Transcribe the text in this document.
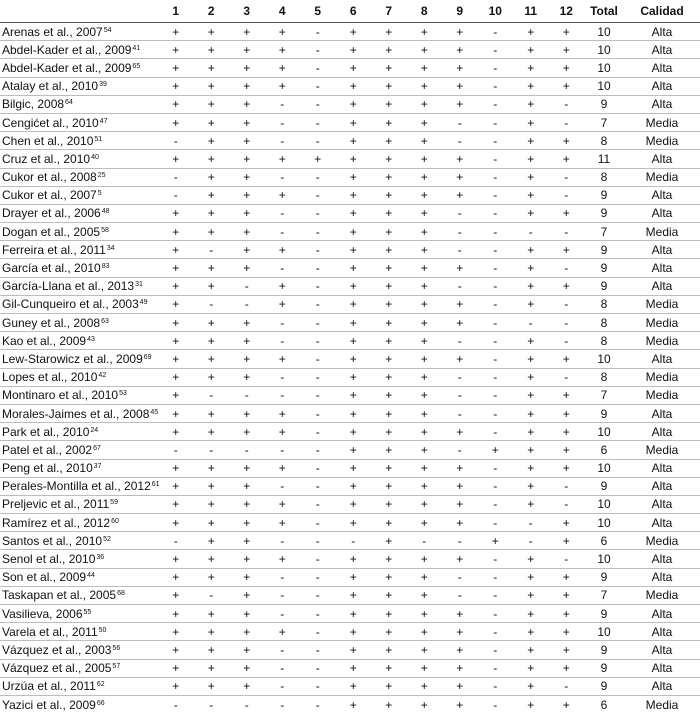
	1	2	3	4	5	6	7	8	9	10	11	12	Total	Calidad
Arenas et al., $2007^{54}$	+	+	+	+	-	+	+	+	+	-	+	+	10	Alta
Abdel-Kader et al., $2009^{41}$	+	+	+	+	-	+	+	+	+	-	+	+	10	Alta
Abdel-Kader et al., $2009^{65}$	+	+	+	+	-	+	+	+	+	-	+	+	10	Alta
Atalay et al., $2010^{39}$	+	+	+	+	-	+	+	+	+	-	+	+	10	Alta
Bilgic, $2008^{64}$	+	+	+	-	-	+	+	+	+	-	+	-	9	Alta
Cengićet al., $2010^{47}$	+	+	+	-	-	+	+	+	-	-	+	-	7	Media
Chen et al., 2010$^{51}$	-	+	+	-	-	+	+	+	-	-	+	+	8	Media
Cruz et al., $2010^{40}$	+	+	+	+	+	+	+	+	+	-	+	+	11	Alta
Cukor et al., 2008$^{25}$	-	+	+	-	-	+	+	+	+	-	+	-	8	Media
Cukor et al., 2007$^5$	-	+	+	+	-	+	+	+	+	-	+	-	9	Alta
Drayer et al., $2006^{48}$	+	+	+	-	-	+	+	+	-	-	+	+	9	Alta
Dogan et al., $2005^{58}$	+	+	+	-	-	+	+	+	-	-	-	-	7	Media
Ferreira et al., $2011^{34}$	+	-	+	+	-	+	+	+	-	-	+	+	9	Alta
García et al., $2010^{83}$	+	+	+	-	-	+	+	+	+	-	+	-	9	Alta
García-Llana et al., $2013^{31}$	+	+	-	+	-	+	+	+	-	-	+	+	9	Alta
Gil-Cunqueiro et al., $2003^{49}$	+	-	-	+	-	+	+	+	+	-	+	-	8	Media
Guney et al., $2008^{63}$	+	+	+	-	-	+	+	+	+	-	-	-	8	Media
Kao et al., $2009^{43}$	+	+	+	-	-	+	+	+	-	-	+	-	8	Media
Lew-Starowicz et al., $2009^{69}$	+	+	+	+	-	+	+	+	+	-	+	+	10	Alta
Lopes et al., $2010^{42}$	+	+	+	-	-	+	+	+	-	-	+	-	8	Media
Montinaro et al., $2010^{53}$	+	-	-	-	-	+	+	+	-	-	+	+	7	Media
Morales-Jaimes et al., $2008^{45}$	+	+	+	+	-	+	+	+	-	-	+	+	9	Alta
Park et al., $2010^{24}$	+	+	+	+	-	+	+	+	+	-	+	+	10	Alta
Patel et al., 2002$^{67}$	-	-	-	-	-	+	+	+	-	+	+	+	6	Media
Peng et al., $2010^{37}$	+	+	+	+	-	+	+	+	+	-	+	+	10	Alta
Perales-Montilla et al., $2012^{61}$	+	+	+	-	-	+	+	+	+	-	+	-	9	Alta
Preljevic et al., $2011^{59}$	+	+	+	+	-	+	+	+	+	-	+	-	10	Alta
Ramírez et al., $2012^{60}$	+	+	+	+	-	+	+	+	+	-	-	+	10	Alta
Santos et al., 2010$^{52}$	-	+	+	-	-	-	+	-	-	+	-	+	6	Media
Senol et al., $2010^{36}$	+	+	+	+	-	+	+	+	+	-	+	-	10	Alta
Son et al., $2009^{44}$	+	+	+	-	-	+	+	+	-	-	+	+	9	Alta
Taskapan et al., $2005^{68}$	+	-	+	-	-	+	+	+	-	-	+	+	7	Media
Vasilieva, $2006^{55}$	+	+	+	-	-	+	+	+	+	-	+	+	9	Alta
Varela et al., $2011^{50}$	+	+	+	+	-	+	+	+	+	-	+	+	10	Alta
Vázquez et al., $2003^{56}$	+	+	+	-	-	+	+	+	+	-	+	+	9	Alta
Vázquez et al., $2005^{57}$	+	+	+	-	-	+	+	+	+	-	+	+	9	Alta
Urzúa et al., $2011^{62}$	+	+	+	-	-	+	+	+	+	-	+	-	9	Alta
Yazici et al., 2009$^{66}$	-	-	-	-	-	+	+	+	+	-	+	+	6	Media
